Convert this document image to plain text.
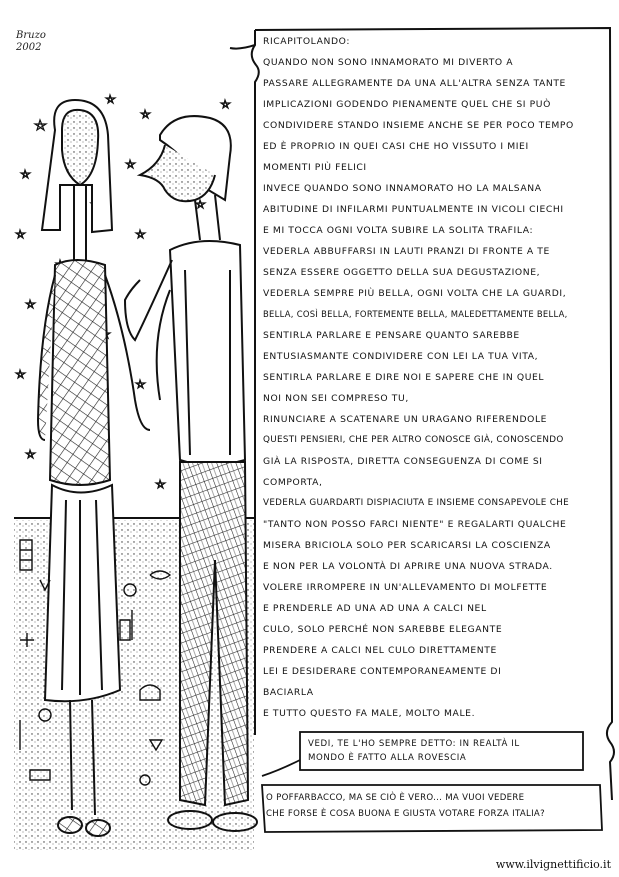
Bruzo
2002
RICAPITOLANDO:
QUANDO NON SONO INNAMORATO MI DIVERTO A
PASSARE ALLEGRAMENTE DA UNA ALL'ALTRA SENZA TANTE
IMPLICAZIONI GODENDO PIENAMENTE QUEL CHE SI PUÒ
CONDIVIDERE STANDO INSIEME ANCHE SE PER POCO TEMPO
ED È PROPRIO IN QUEI CASI CHE HO VISSUTO I MIEI
MOMENTI PIÙ FELICI
INVECE QUANDO SONO INNAMORATO HO LA MALSANA
ABITUDINE DI INFILARMI PUNTUALMENTE IN VICOLI CIECHI
E MI TOCCA OGNI VOLTA SUBIRE LA SOLITA TRAFILA:
VEDERLA ABBUFFARSI IN LAUTI PRANZI DI FRONTE A TE
SENZA ESSERE OGGETTO DELLA SUA DEGUSTAZIONE,
VEDERLA SEMPRE PIÙ BELLA, OGNI VOLTA CHE LA GUARDI,
BELLA, COSÌ BELLA, FORTEMENTE BELLA, MALEDETTAMENTE BELLA,
SENTIRLA PARLARE E PENSARE QUANTO SAREBBE
ENTUSIASMANTE CONDIVIDERE CON LEI LA TUA VITA,
SENTIRLA PARLARE E DIRE NOI E SAPERE CHE IN QUEL
NOI NON SEI COMPRESO TU,
RINUNCIARE A SCATENARE UN URAGANO RIFERENDOLE
QUESTI PENSIERI, CHE PER ALTRO CONOSCE GIÀ, CONOSCENDO
GIÀ LA RISPOSTA, DIRETTA CONSEGUENZA DI COME SI
COMPORTA,
VEDERLA GUARDARTI DISPIACIUTA E INSIEME CONSAPEVOLE CHE
"TANTO NON POSSO FARCI NIENTE" E REGALARTI QUALCHE
MISERA BRICIOLA SOLO PER SCARICARSI LA COSCIENZA
E NON PER LA VOLONTÀ DI APRIRE UNA NUOVA STRADA.
VOLERE IRROMPERE IN UN'ALLEVAMENTO DI MOLFETTE
E PRENDERLE AD UNA AD UNA A CALCI NEL
CULO, SOLO PERCHÉ NON SAREBBE ELEGANTE
PRENDERE A CALCI NEL CULO DIRETTAMENTE
LEI E DESIDERARE CONTEMPORANEAMENTE DI
BACIARLA
E TUTTO QUESTO FA MALE, MOLTO MALE.
VEDI, TE L'HO SEMPRE DETTO: IN REALTÀ IL
MONDO È FATTO ALLA ROVESCIA
O POFFARBACCO, MA SE CIÒ È VERO... MA VUOI VEDERE
CHE FORSE È COSA BUONA E GIUSTA VOTARE FORZA ITALIA?
www.ilvignettificio.it
